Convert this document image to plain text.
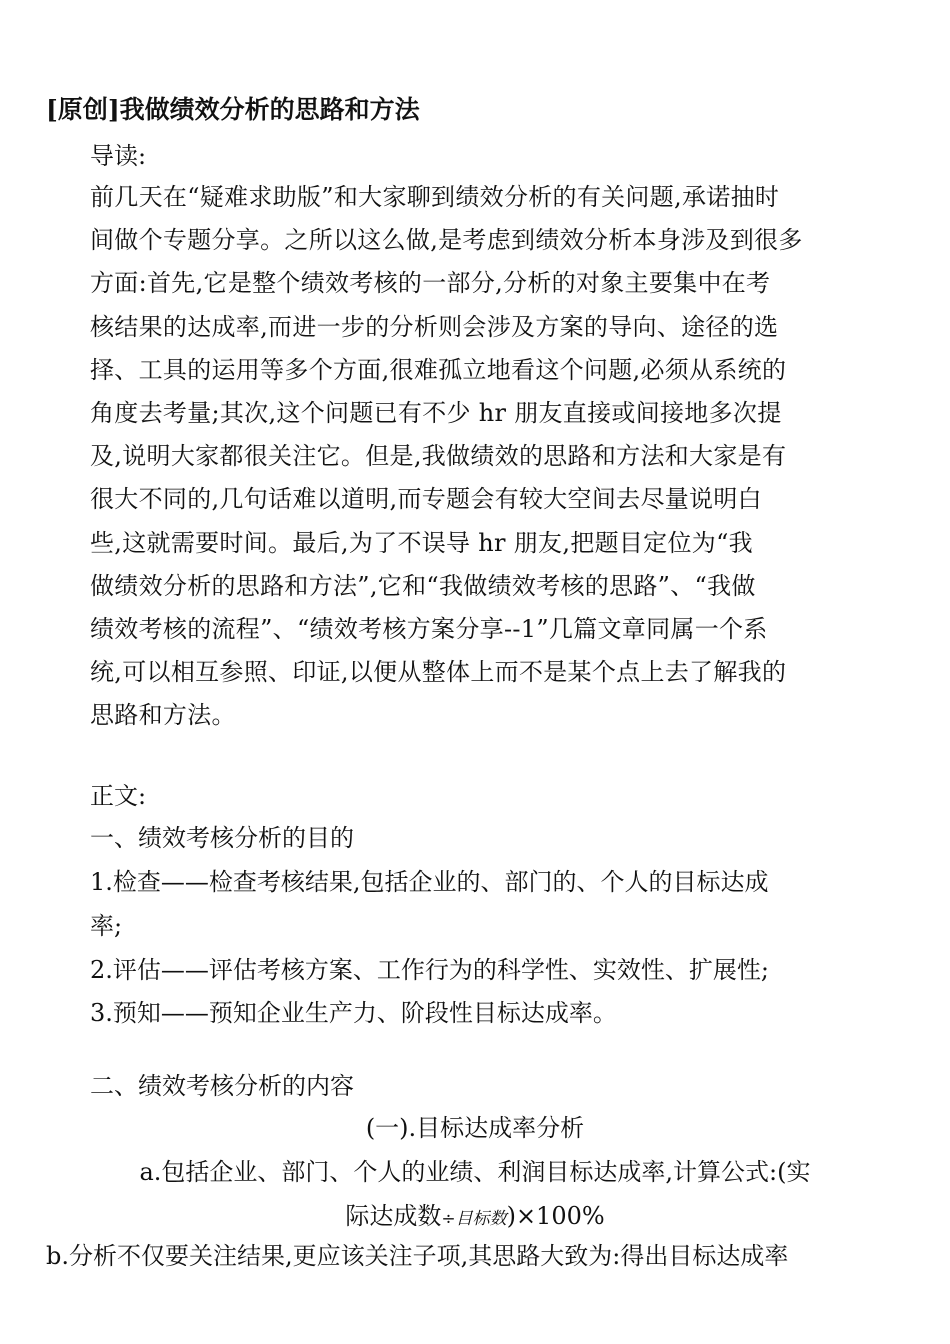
[原创]我做绩效分析的思路和方法
导读:
前几天在“疑难求助版”和大家聊到绩效分析的有关问题,承诺抽时
间做个专题分享。之所以这么做,是考虑到绩效分析本身涉及到很多
方面:首先,它是整个绩效考核的一部分,分析的对象主要集中在考
核结果的达成率,而进一步的分析则会涉及方案的导向、途径的选
择、工具的运用等多个方面,很难孤立地看这个问题,必须从系统的
角度去考量;其次,这个问题已有不少 hr 朋友直接或间接地多次提
及,说明大家都很关注它。但是,我做绩效的思路和方法和大家是有
很大不同的,几句话难以道明,而专题会有较大空间去尽量说明白
些,这就需要时间。最后,为了不误导 hr 朋友,把题目定位为“我
做绩效分析的思路和方法”,它和“我做绩效考核的思路”、“我做
绩效考核的流程”、“绩效考核方案分享--1”几篇文章同属一个系
统,可以相互参照、印证,以便从整体上而不是某个点上去了解我的
思路和方法。
正文:
一、绩效考核分析的目的
1.检查——检查考核结果,包括企业的、部门的、个人的目标达成
率;
2.评估——评估考核方案、工作行为的科学性、实效性、扩展性;
3.预知——预知企业生产力、阶段性目标达成率。
二、绩效考核分析的内容
(一).目标达成率分析
a.包括企业、部门、个人的业绩、利润目标达成率,计算公式:(实
际达成数÷目标数)×100%
b.分析不仅要关注结果,更应该关注子项,其思路大致为:得出目标达成率
